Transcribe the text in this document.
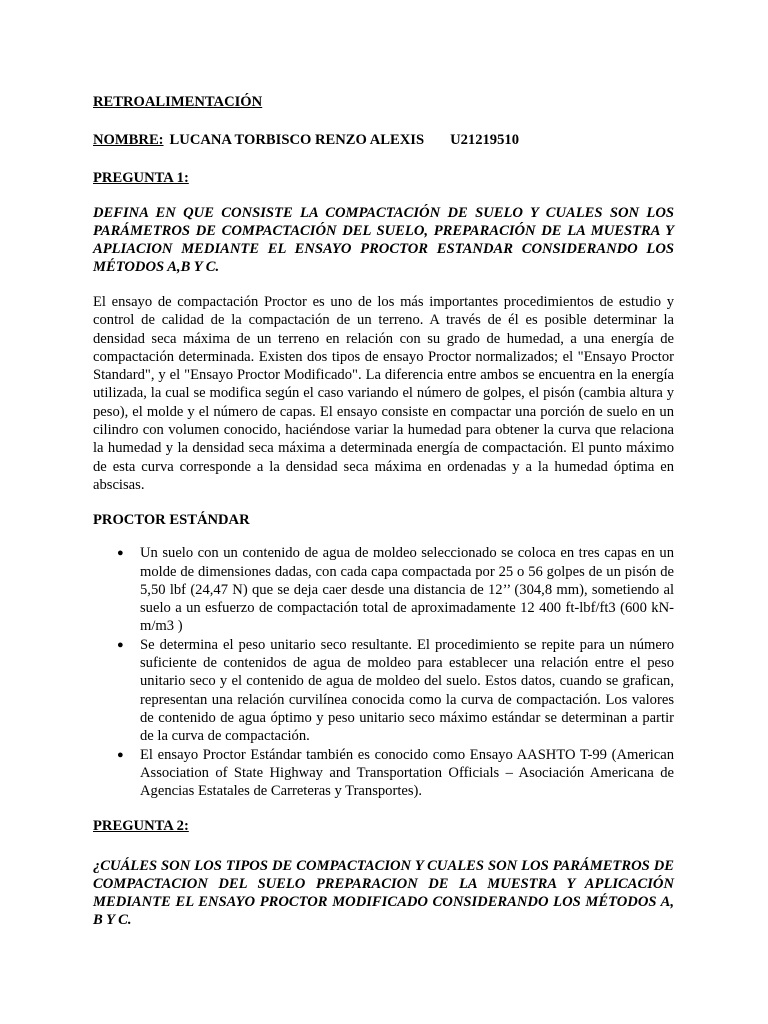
RETROALIMENTACIÓN

NOMBRE: LUCANA TORBISCO RENZO ALEXIS U21219510

PREGUNTA 1:

DEFINA EN QUE CONSISTE LA COMPACTACIÓN DE SUELO Y CUALES SON LOS PARÁMETROS DE COMPACTACIÓN DEL SUELO, PREPARACIÓN DE LA MUESTRA Y APLIACION MEDIANTE EL ENSAYO PROCTOR ESTANDAR CONSIDERANDO LOS MÉTODOS A,B Y C.

El ensayo de compactación Proctor es uno de los más importantes procedimientos de estudio y control de calidad de la compactación de un terreno. A través de él es posible determinar la densidad seca máxima de un terreno en relación con su grado de humedad, a una energía de compactación determinada. Existen dos tipos de ensayo Proctor normalizados; el "Ensayo Proctor Standard", y el "Ensayo Proctor Modificado". La diferencia entre ambos se encuentra en la energía utilizada, la cual se modifica según el caso variando el número de golpes, el pisón (cambia altura y peso), el molde y el número de capas. El ensayo consiste en compactar una porción de suelo en un cilindro con volumen conocido, haciéndose variar la humedad para obtener la curva que relaciona la humedad y la densidad seca máxima a determinada energía de compactación. El punto máximo de esta curva corresponde a la densidad seca máxima en ordenadas y a la humedad óptima en abscisas.

PROCTOR ESTÁNDAR

● Un suelo con un contenido de agua de moldeo seleccionado se coloca en tres capas en un molde de dimensiones dadas, con cada capa compactada por 25 o 56 golpes de un pisón de 5,50 lbf (24,47 N) que se deja caer desde una distancia de 12’’ (304,8 mm), sometiendo al suelo a un esfuerzo de compactación total de aproximadamente 12 400 ft-lbf/ft3 (600 kN-m/m3 )
● Se determina el peso unitario seco resultante. El procedimiento se repite para un número suficiente de contenidos de agua de moldeo para establecer una relación entre el peso unitario seco y el contenido de agua de moldeo del suelo. Estos datos, cuando se grafican, representan una relación curvilínea conocida como la curva de compactación. Los valores de contenido de agua óptimo y peso unitario seco máximo estándar se determinan a partir de la curva de compactación.
● El ensayo Proctor Estándar también es conocido como Ensayo AASHTO T-99 (American Association of State Highway and Transportation Officials – Asociación Americana de Agencias Estatales de Carreteras y Transportes).

PREGUNTA 2:

¿CUÁLES SON LOS TIPOS DE COMPACTACION Y CUALES SON LOS PARÁMETROS DE COMPACTACION DEL SUELO PREPARACION DE LA MUESTRA Y APLICACIÓN MEDIANTE EL ENSAYO PROCTOR MODIFICADO CONSIDERANDO LOS MÉTODOS A, B Y C.
